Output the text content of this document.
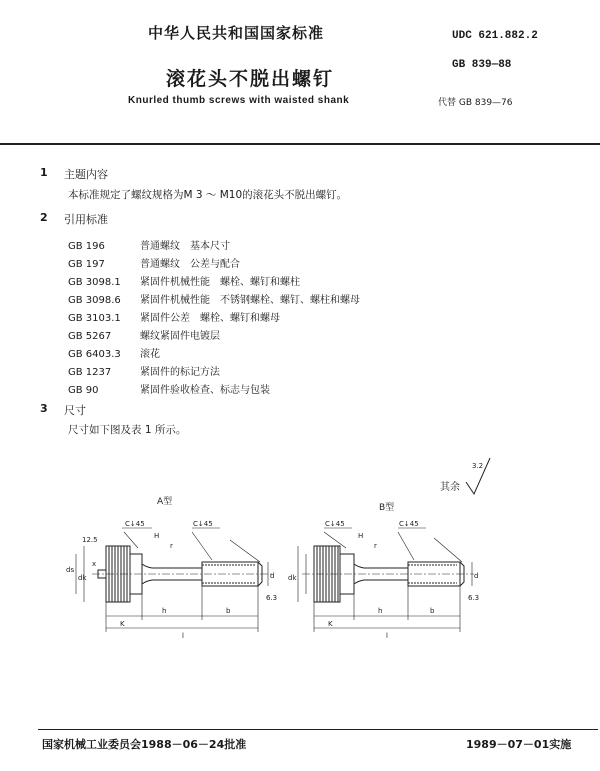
中华人民共和国国家标准	UDC 621.882.2
GB 839—88
代替 GB 839—76
滚花头不脱出螺钉
Knurled thumb screws with waisted shank
1 主题内容
本标准规定了螺纹规格为M 3 ～ M10的滚花头不脱出螺钉。
2 引用标准
GB 196	普通螺纹　基本尺寸
GB 197	普通螺纹　公差与配合
GB 3098.1 紧固件机械性能　螺栓、螺钉和螺柱
GB 3098.6 紧固件机械性能　不锈钢螺栓、螺钉、螺柱和螺母
GB 3103.1 紧固件公差　螺栓、螺钉和螺母
GB 5267	螺纹紧固件电镀层
GB 6403.3 滚花
GB 1237	紧固件的标记方法
GB 90	紧固件验收检查、标志与包装
3 尺寸
尺寸如下图及表 1 所示。
其余
3.2
A型
B型
C↓45	C↓45
H
r
x
ds
dk	d
h	b
l
K
12.5
6.3
C↓45	C↓45
H
r
dk	d
h	b
l
K
6.3
国家机械工业委员会1988－06－24批准	1989－07－01实施
